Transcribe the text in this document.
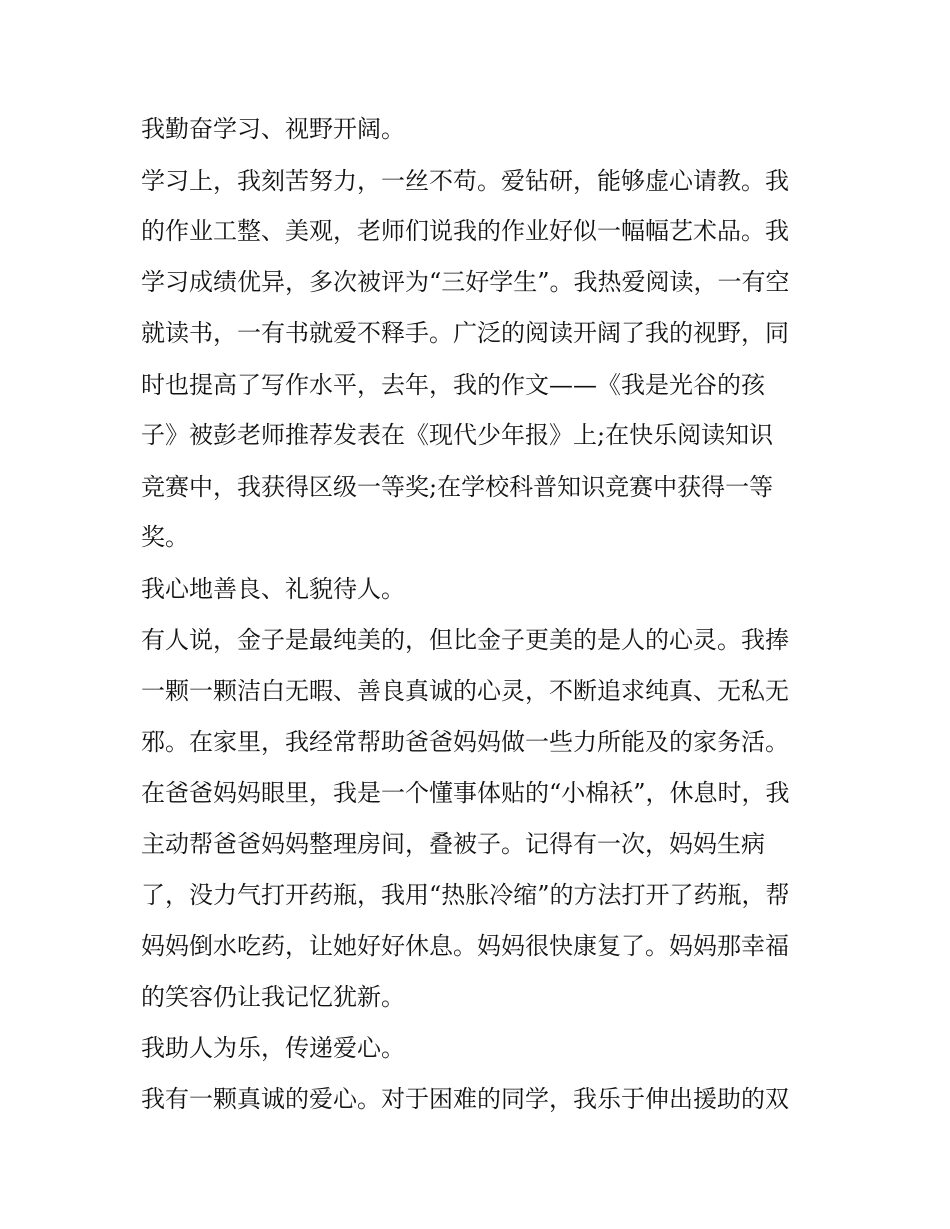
我勤奋学习、视野开阔。

学习上，我刻苦努力，一丝不苟。爱钻研，能够虚心请教。我

的作业工整、美观，老师们说我的作业好似一幅幅艺术品。我

学习成绩优异，多次被评为“三好学生”。我热爱阅读，一有空

就读书，一有书就爱不释手。广泛的阅读开阔了我的视野，同

时也提高了写作水平，去年，我的作文——《我是光谷的孩

子》被彭老师推荐发表在《现代少年报》上;在快乐阅读知识

竞赛中，我获得区级一等奖;在学校科普知识竞赛中获得一等

奖。

我心地善良、礼貌待人。

有人说，金子是最纯美的，但比金子更美的是人的心灵。我捧

一颗一颗洁白无暇、善良真诚的心灵，不断追求纯真、无私无

邪。在家里，我经常帮助爸爸妈妈做一些力所能及的家务活。

在爸爸妈妈眼里，我是一个懂事体贴的“小棉袄”，休息时，我

主动帮爸爸妈妈整理房间，叠被子。记得有一次，妈妈生病

了，没力气打开药瓶，我用“热胀冷缩”的方法打开了药瓶，帮

妈妈倒水吃药，让她好好休息。妈妈很快康复了。妈妈那幸福

的笑容仍让我记忆犹新。

我助人为乐，传递爱心。

我有一颗真诚的爱心。对于困难的同学，我乐于伸出援助的双
